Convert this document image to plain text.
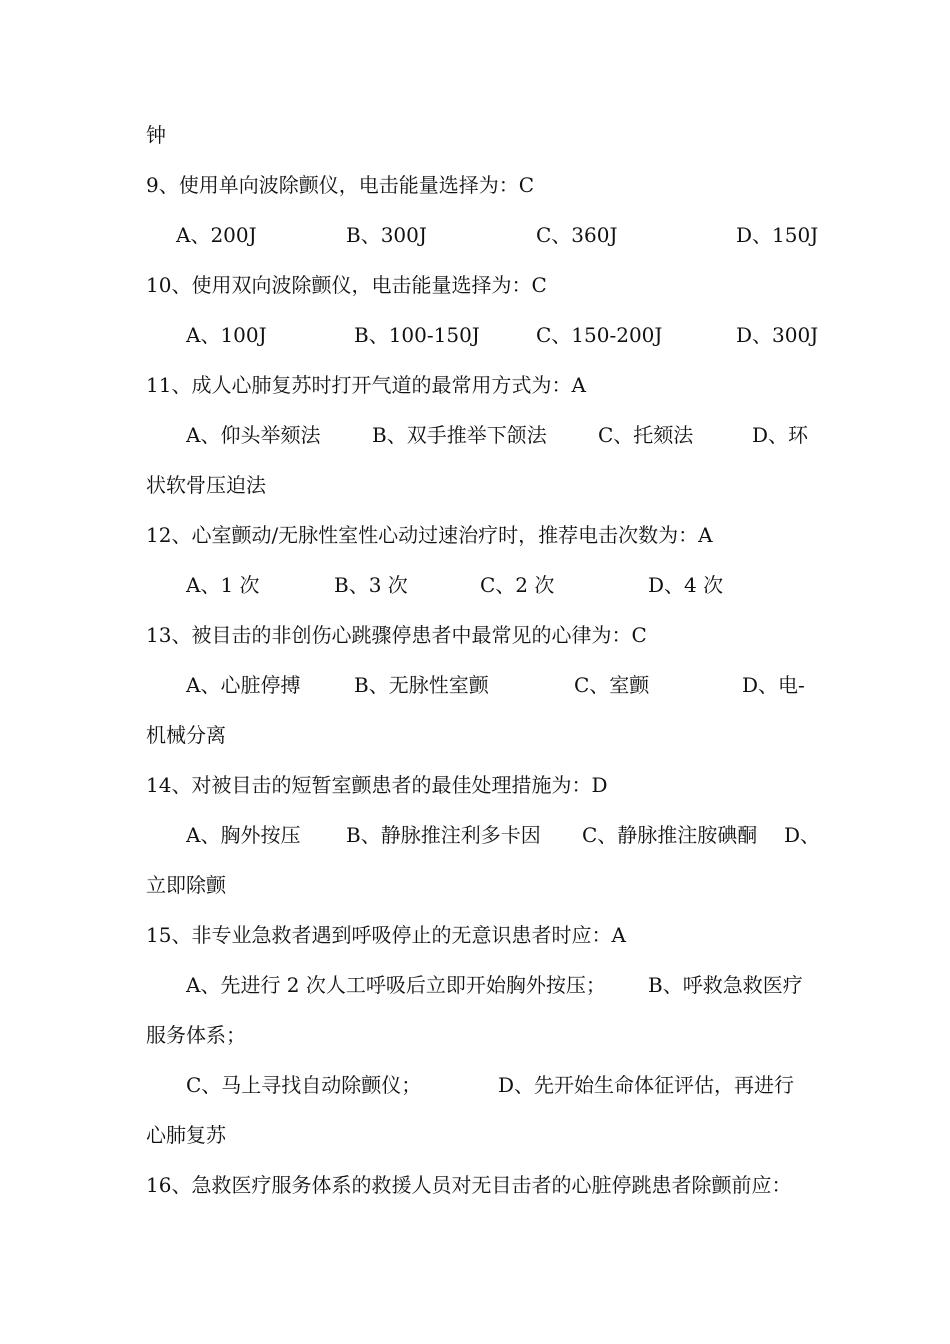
钟
9、使用单向波除颤仪，电击能量选择为：C
A、200J	B、300J	C、360J	D、150J
10、使用双向波除颤仪，电击能量选择为：C
A、100J	B、100-150J	C、150-200J	D、300J
11、成人心肺复苏时打开气道的最常用方式为：A
A、仰头举颏法	B、双手推举下颌法	C、托颏法	D、环
状软骨压迫法
12、心室颤动/无脉性室性心动过速治疗时，推荐电击次数为：A
A、1 次	B、3 次	C、2 次	D、4 次
13、被目击的非创伤心跳骤停患者中最常见的心律为：C
A、心脏停搏	B、无脉性室颤	C、室颤	D、电-
机械分离
14、对被目击的短暂室颤患者的最佳处理措施为：D
A、胸外按压 B、静脉推注利多卡因 C、静脉推注胺碘酮 D、
立即除颤
15、非专业急救者遇到呼吸停止的无意识患者时应：A
A、先进行 2 次人工呼吸后立即开始胸外按压； B、呼救急救医疗
服务体系；
C、马上寻找自动除颤仪；	D、先开始生命体征评估，再进行
心肺复苏
16、急救医疗服务体系的救援人员对无目击者的心脏停跳患者除颤前应：
